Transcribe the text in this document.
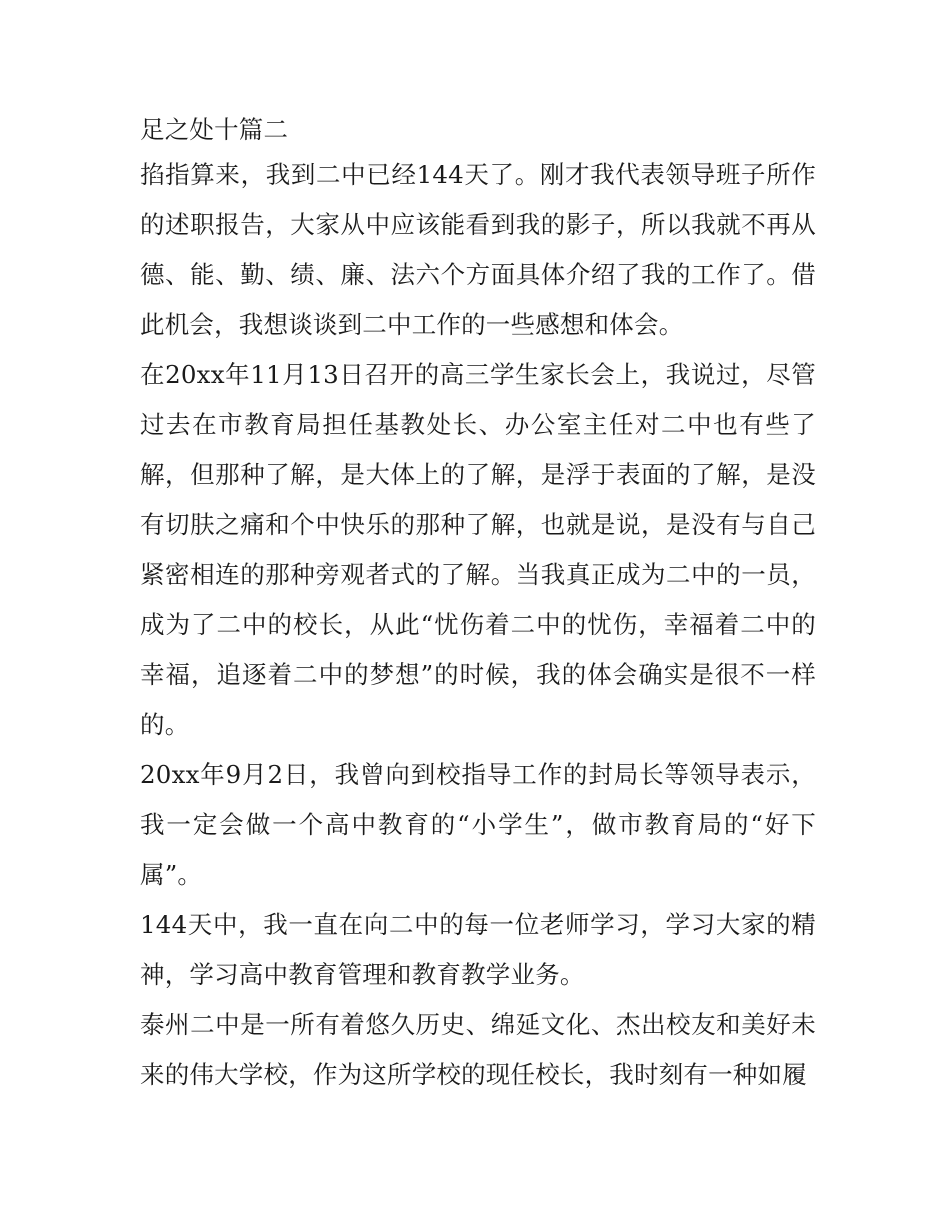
足之处十篇二

掐指算来，我到二中已经144天了。刚才我代表领导班子所作的述职报告，大家从中应该能看到我的影子，所以我就不再从德、能、勤、绩、廉、法六个方面具体介绍了我的工作了。借此机会，我想谈谈到二中工作的一些感想和体会。

在20xx年11月13日召开的高三学生家长会上，我说过，尽管过去在市教育局担任基教处长、办公室主任对二中也有些了解，但那种了解，是大体上的了解，是浮于表面的了解，是没有切肤之痛和个中快乐的那种了解，也就是说，是没有与自己紧密相连的那种旁观者式的了解。当我真正成为二中的一员，成为了二中的校长，从此“忧伤着二中的忧伤，幸福着二中的幸福，追逐着二中的梦想”的时候，我的体会确实是很不一样的。

20xx年9月2日，我曾向到校指导工作的封局长等领导表示，我一定会做一个高中教育的“小学生”，做市教育局的“好下属”。

144天中，我一直在向二中的每一位老师学习，学习大家的精神，学习高中教育管理和教育教学业务。

泰州二中是一所有着悠久历史、绵延文化、杰出校友和美好未来的伟大学校，作为这所学校的现任校长，我时刻有一种如履
